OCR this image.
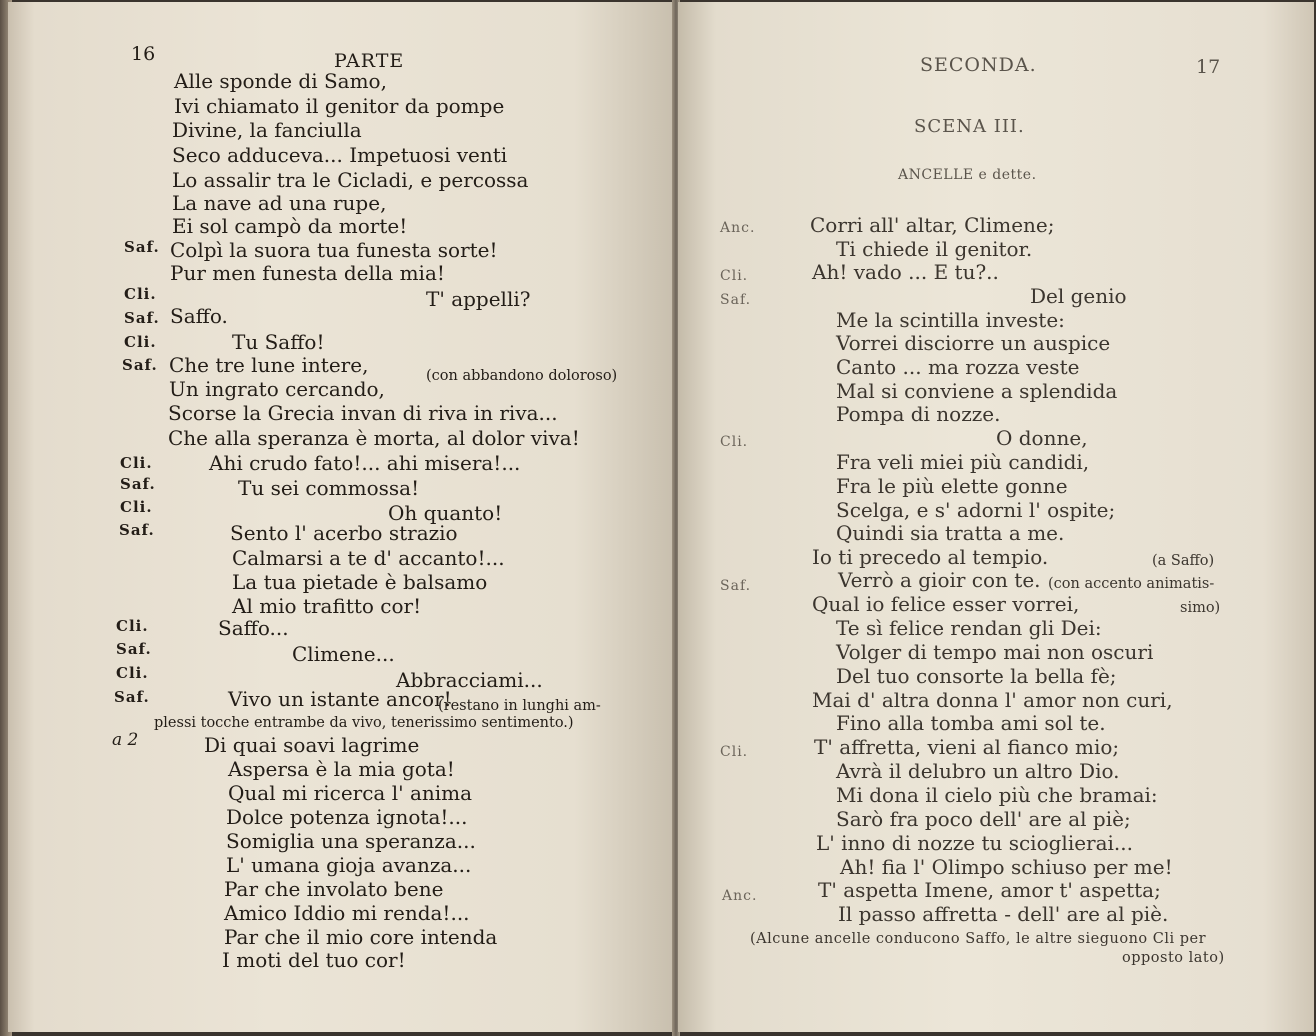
16	PARTE
Alle sponde di Samo,
Ivi chiamato il genitor da pompe
Divine, la fanciulla
Seco adduceva... Impetuosi venti
Lo assalir tra le Cicladi, e percossa
La nave ad una rupe,
Ei sol campò da morte!
Saf. Colpì la suora tua funesta sorte!
Pur men funesta della mia!
Cli.	T' appelli?
Saf. Saffo.
Cli.	Tu Saffo!
Saf. Che tre lune intere,	(con abbandono doloroso)
Un ingrato cercando,
Scorse la Grecia invan di riva in riva...
Che alla speranza è morta, al dolor viva!
Cli.	Ahi crudo fato!... ahi misera!...
Saf.	Tu sei commossa!
Cli.	Oh quanto!
Saf.	Sento l' acerbo strazio
Calmarsi a te d' accanto!...
La tua pietade è balsamo
Al mio trafitto cor!
Cli.	Saffo...
Saf.	Climene...
Cli.	Abbracciami...
Saf.	Vivo un istante ancor!
(restano in lunghi am-
plessi tocche entrambe da vivo, tenerissimo sentimento.)
a 2	Di quai soavi lagrime
Aspersa è la mia gota!
Qual mi ricerca l' anima
Dolce potenza ignota!...
Somiglia una speranza...
L' umana gioja avanza...
Par che involato bene
Amico Iddio mi renda!...
Par che il mio core intenda
I moti del tuo cor!
SECONDA.	17
SCENA III.
ANCELLE e dette.
Anc.	Corri all' altar, Climene;
Ti chiede il genitor.
Cli.	Ah! vado ... E tu?..
Saf.	Del genio
Me la scintilla investe:
Vorrei disciorre un auspice
Canto ... ma rozza veste
Mal si conviene a splendida
Pompa di nozze.
Cli.	O donne,
Fra veli miei più candidi,
Fra le più elette gonne
Scelga, e s' adorni l' ospite;
Quindi sia tratta a me.
Io ti precedo al tempio.	(a Saffo)
Saf.	Verrò a gioir con te. (con accento animatis-
Qual io felice esser vorrei,	simo)
Te sì felice rendan gli Dei:
Volger di tempo mai non oscuri
Del tuo consorte la bella fè;
Mai d' altra donna l' amor non curi,
Fino alla tomba ami sol te.
Cli.	T' affretta, vieni al fianco mio;
Avrà il delubro un altro Dio.
Mi dona il cielo più che bramai:
Sarò fra poco dell' are al piè;
L' inno di nozze tu scioglierai...
Ah! fia l' Olimpo schiuso per me!
Anc.	T' aspetta Imene, amor t' aspetta;
Il passo affretta - dell' are al piè.
(Alcune ancelle conducono Saffo, le altre sieguono Cli per
opposto lato)
